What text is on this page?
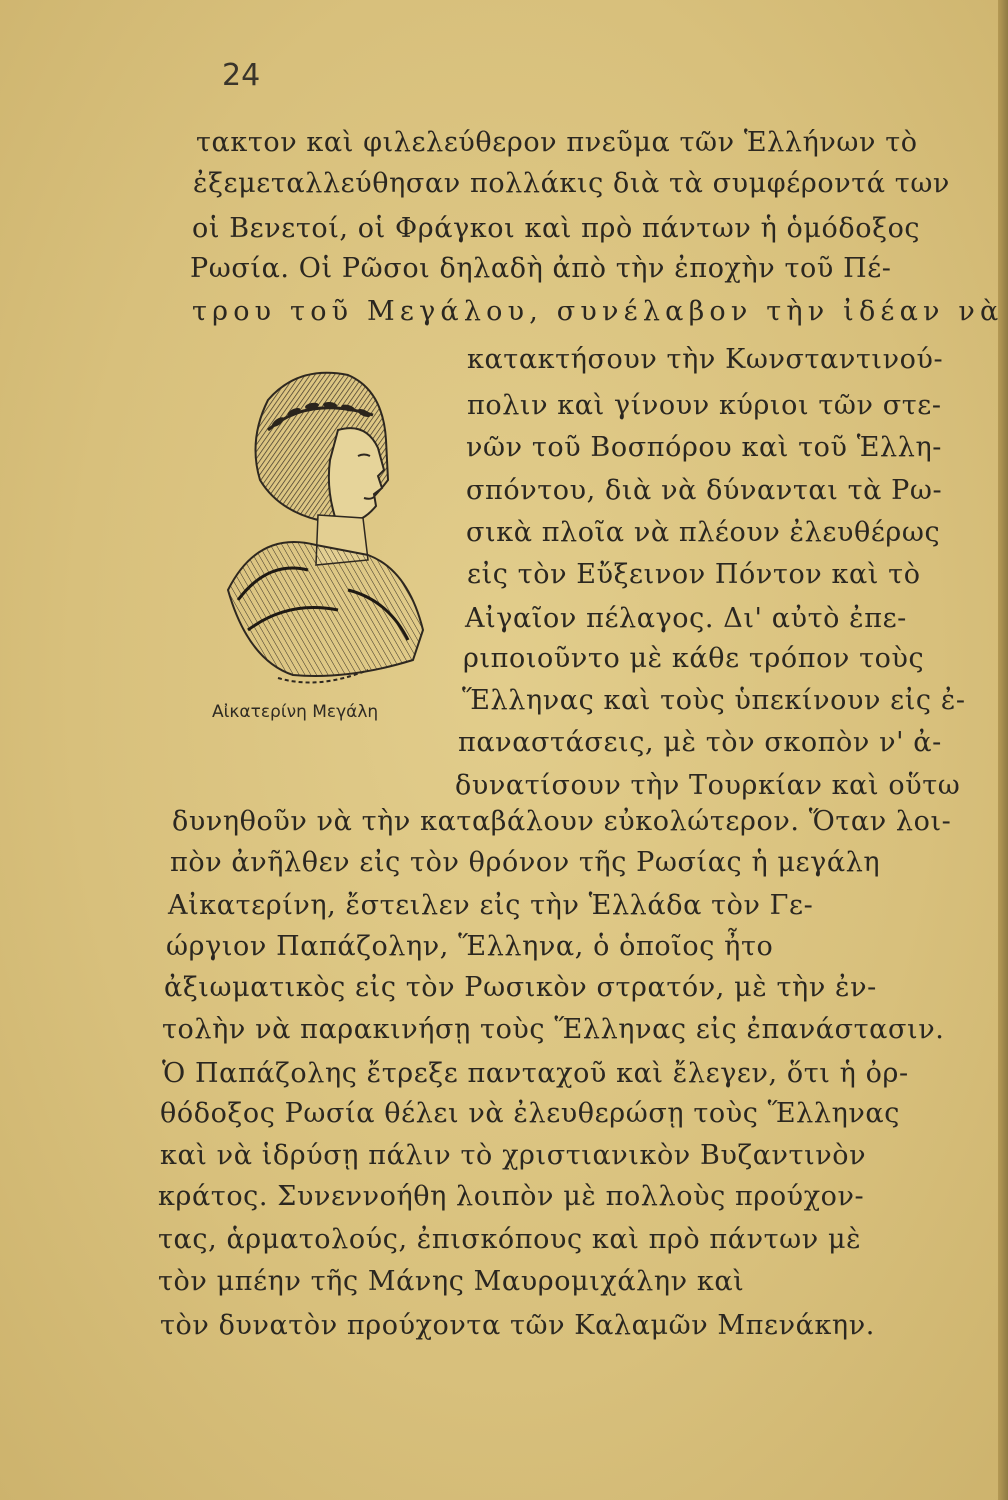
24
τακτον καὶ φιλελεύθερον πνεῦμα τῶν Ἑλλήνων τὸ
ἐξεμεταλλεύθησαν πολλάκις διὰ τὰ συμφέροντά των
οἱ Βενετοί, οἱ Φράγκοι καὶ πρὸ πάντων ἡ ὁμόδοξος
Ρωσία. Οἱ Ρῶσοι δηλαδὴ ἀπὸ τὴν ἐποχὴν τοῦ Πέ-
τρου τοῦ Μεγάλου, συνέλαβον τὴν ἰδέαν νὰ
κατακτήσουν τὴν Κωνσταντινού-
πολιν καὶ γίνουν κύριοι τῶν στε-
νῶν τοῦ Βοσπόρου καὶ τοῦ Ἑλλη-
σπόντου, διὰ νὰ δύνανται τὰ Ρω-
σικὰ πλοῖα νὰ πλέουν ἐλευθέρως
εἰς τὸν Εὔξεινον Πόντον καὶ τὸ
Αἰγαῖον πέλαγος. Δι' αὐτὸ ἐπε-
ριποιοῦντο μὲ κάθε τρόπον τοὺς
Ἕλληνας καὶ τοὺς ὑπεκίνουν εἰς ἐ-
παναστάσεις, μὲ τὸν σκοπὸν ν' ἀ-
δυνατίσουν τὴν Τουρκίαν καὶ οὕτω
δυνηθοῦν νὰ τὴν καταβάλουν εὐκολώτερον. Ὅταν λοι-
πὸν ἀνῆλθεν εἰς τὸν θρόνον τῆς Ρωσίας ἡ μεγάλη
Αἰκατερίνη, ἔστειλεν εἰς τὴν Ἑλλάδα τὸν Γε-
ώργιον Παπάζολην, Ἕλληνα, ὁ ὁποῖος ἦτο
ἀξιωματικὸς εἰς τὸν Ρωσικὸν στρατόν, μὲ τὴν ἐν-
τολὴν νὰ παρακινήσῃ τοὺς Ἕλληνας εἰς ἐπανάστασιν.
Ὁ Παπάζολης ἔτρεξε πανταχοῦ καὶ ἔλεγεν, ὅτι ἡ ὀρ-
θόδοξος Ρωσία θέλει νὰ ἐλευθερώσῃ τοὺς Ἕλληνας
καὶ νὰ ἱδρύσῃ πάλιν τὸ χριστιανικὸν Βυζαντινὸν
κράτος. Συνεννοήθη λοιπὸν μὲ πολλοὺς προύχον-
τας, ἁρματολούς, ἐπισκόπους καὶ πρὸ πάντων μὲ
τὸν μπέην τῆς Μάνης Μαυρομιχάλην καὶ
τὸν δυνατὸν προύχοντα τῶν Καλαμῶν Μπενάκην.
Αἰκατερίνη Μεγάλη
